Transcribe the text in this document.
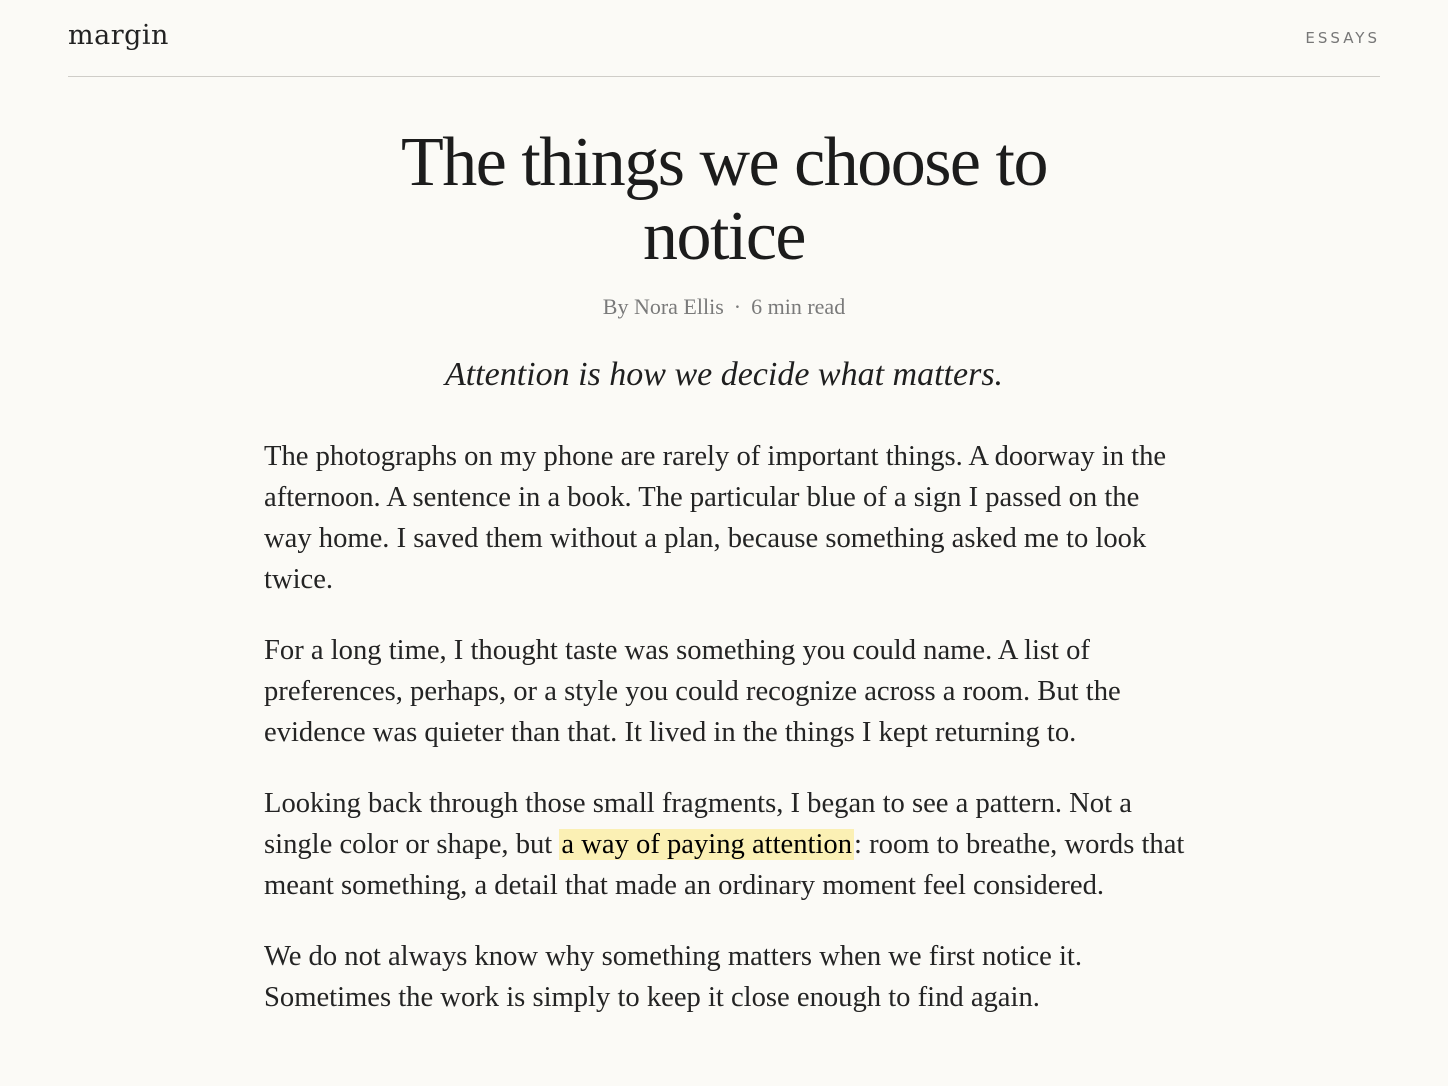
margin	ESSAYS
The things we choose to notice
By Nora Ellis · 6 min read
Attention is how we decide what matters.

The photographs on my phone are rarely of important things. A doorway in the afternoon. A sentence in a book. The particular blue of a sign I passed on the way home. I saved them without a plan, because something asked me to look twice.

For a long time, I thought taste was something you could name. A list of preferences, perhaps, or a style you could recognize across a room. But the evidence was quieter than that. It lived in the things I kept returning to.

Looking back through those small fragments, I began to see a pattern. Not a single color or shape, but a way of paying attention: room to breathe, words that meant something, a detail that made an ordinary moment feel considered.

We do not always know why something matters when we first notice it. Sometimes the work is simply to keep it close enough to find again.
